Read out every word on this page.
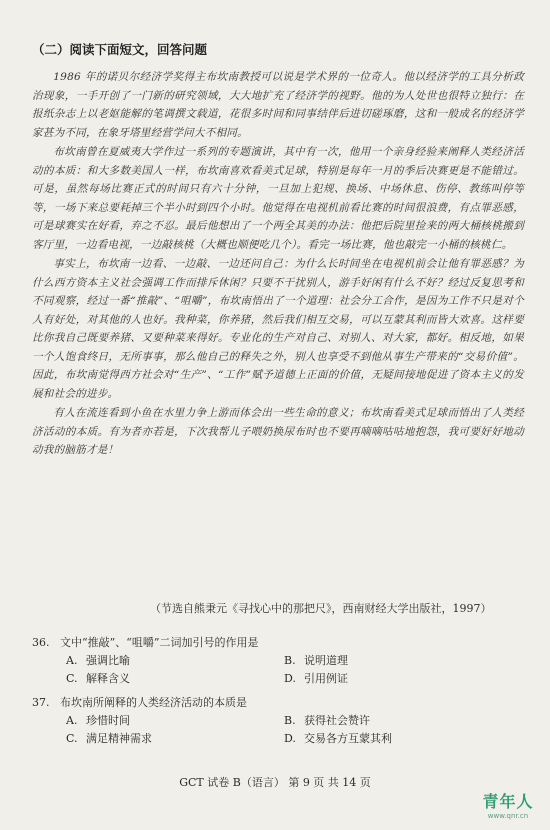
（二）阅读下面短文，回答问题

1986 年的诺贝尔经济学奖得主布坎南教授可以说是学术界的一位奇人。他以经济学的工具分析政治现象，一手开创了一门新的研究领域，大大地扩充了经济学的视野。他的为人处世也很特立独行：在报纸杂志上以老妪能解的笔调撰文载道，花很多时间和同事结伴后进切磋琢磨，这和一般成名的经济学家甚为不同，在象牙塔里经营学问大不相同。

布坎南曾在夏威夷大学作过一系列的专题演讲，其中有一次，他用一个亲身经验来阐释人类经济活动的本质：和大多数美国人一样，布坎南喜欢看美式足球，特别是每年一月的季后决赛更是不能错过。可是，虽然每场比赛正式的时间只有六十分钟，一旦加上犯规、换场、中场休息、伤停、教练叫停等等，一场下来总要耗掉三个半小时到四个小时。他觉得在电视机前看比赛的时间很浪费，有点罪恶感，可是球赛实在好看，弃之不忍。最后他想出了一个两全其美的办法：他把后院里捡来的两大桶核桃搬到客厅里，一边看电视，一边敲核桃（大概也顺便吃几个）。看完一场比赛，他也敲完一小桶的核桃仁。

事实上，布坎南一边看、一边敲、一边还问自己：为什么长时间坐在电视机前会让他有罪恶感？为什么西方资本主义社会强调工作而排斥休闲？只要不干扰别人，游手好闲有什么不好？经过反复思考和不同观察，经过一番“推敲”、“咀嚼”，布坎南悟出了一个道理：社会分工合作，是因为工作不只是对个人有好处，对其他的人也好。我种菜，你养猪，然后我们相互交易，可以互蒙其利而皆大欢喜。这样要比你我自己既要养猪、又要种菜来得好。专业化的生产对自己、对别人、对大家，都好。相反地，如果一个人饱食终日，无所事事，那么他自己的释失之外，别人也享受不到他从事生产带来的“交易价值”。因此，布坎南觉得西方社会对“生产”、“工作”赋予道德上正面的价值，无疑间接地促进了资本主义的发展和社会的进步。

有人在流连看到小鱼在水里力争上游而体会出一些生命的意义；布坎南看美式足球而悟出了人类经济活动的本质。有为者亦若是，下次我帮儿子喂奶换尿布时也不要再嘀嘀咕咕地抱怨，我可要好好地动动我的脑筋才是！

（节选自熊秉元《寻找心中的那把尺》，西南财经大学出版社，1997）
36. 文中“推敲”、“咀嚼”二词加引号的作用是
A. 强调比喻	B. 说明道理
C. 解释含义	D. 引用例证
37. 布坎南所阐释的人类经济活动的本质是
A. 珍惜时间	B. 获得社会赞许
C. 满足精神需求	D. 交易各方互蒙其利
GCT 试卷 B（语言） 第 9 页 共 14 页
青年人
www.qnr.cn
